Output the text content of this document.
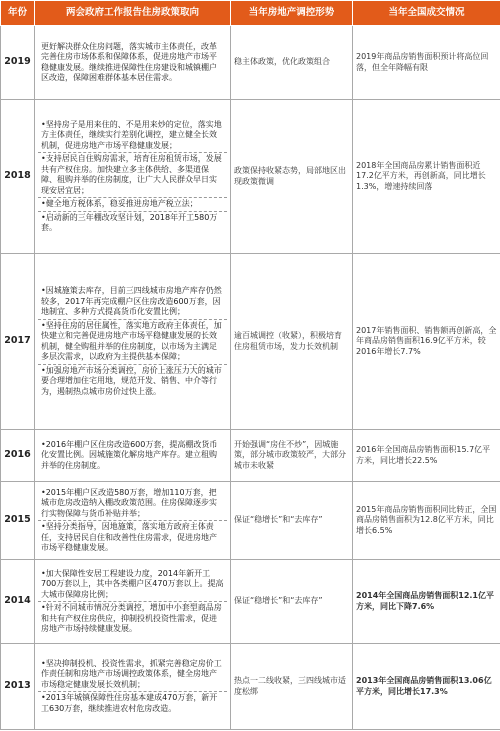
年份	两会政府工作报告住房政策取向	当年房地产调控形势	当年全国成交情况
2019	更好解决群众住房问题，落实城市主体责任，改革完善住房市场体系和保障体系，促进房地产市场平稳健康发展。继续推进保障性住房建设和城镇棚户区改造，保障困难群体基本居住需求。	稳主体政策，优化政策组合	2019年商品房销售面积预计将高位回落，但全年降幅有限
2018	•坚持房子是用来住的、不是用来炒的定位，落实地方主体责任，继续实行差别化调控，建立健全长效机制，促进房地产市场平稳健康发展；
•支持居民自住购房需求，培育住房租赁市场，发展共有产权住房。加快建立多主体供给、多渠道保障、租购并举的住房制度，让广大人民群众早日实现安居宜居；
•健全地方税体系，稳妥推进房地产税立法；
•启动新的三年棚改攻坚计划，2018年开工580万套。	政策保持收紧态势，局部地区出现政策微调	2018年全国商品房累计销售面积近17.2亿平方米，再创新高，同比增长1.3%，增速持续回落
2017	•因城施策去库存，目前三四线城市房地产库存仍然较多，2017年再完成棚户区住房改造600万套，因地制宜、多种方式提高货币化安置比例；
•坚持住房的居住属性，落实地方政府主体责任，加快建立和完善促进房地产市场平稳健康发展的长效机制，健全购租并举的住房制度，以市场为主满足多层次需求，以政府为主提供基本保障；
•加强房地产市场分类调控，房价上涨压力大的城市要合理增加住宅用地，规范开发、销售、中介等行为，遏制热点城市房价过快上涨。	逾百城调控（收紧），积极培育住房租赁市场，发力长效机制	2017年销售面积、销售额再创新高，全年商品房销售面积16.9亿平方米，较2016年增长7.7%
2016	•2016年棚户区住房改造600万套，提高棚改货币化安置比例。因城施策化解房地产库存。建立租购并举的住房制度。	开始强调“房住不炒”，因城施策，部分城市政策较严，大部分城市未收紧	2016年全国商品房销售面积15.7亿平方米，同比增长22.5%
2015	•2015年棚户区改造580万套，增加110万套，把城市危房改造纳入棚改政策范围。住房保障逐步实行实物保障与货币补贴并举；
•坚持分类指导，因地施策，落实地方政府主体责任，支持居民自住和改善性住房需求，促进房地产市场平稳健康发展。	保证“稳增长”和“去库存”	2015年商品房销售面积同比转正，全国商品房销售面积为12.8亿平方米，同比增长6.5%
2014	•加大保障性安居工程建设力度，2014年新开工700万套以上，其中各类棚户区470万套以上。提高大城市保障房比例；
•针对不同城市情况分类调控，增加中小套型商品房和共有产权住房供应，抑制投机投资性需求，促进房地产市场持续健康发展。	保证“稳增长”和“去库存”	2014年全国商品房销售面积12.1亿平方米，同比下降7.6%
2013	•坚决抑制投机、投资性需求，抓紧完善稳定房价工作责任制和房地产市场调控政策体系，健全房地产市场稳定健康发展长效机制；
•2013年城镇保障性住房基本建成470万套，新开工630万套，继续推进农村危房改造。	热点一二线收紧，三四线城市适度松绑	2013年全国商品房销售面积13.06亿平方米，同比增长17.3%
